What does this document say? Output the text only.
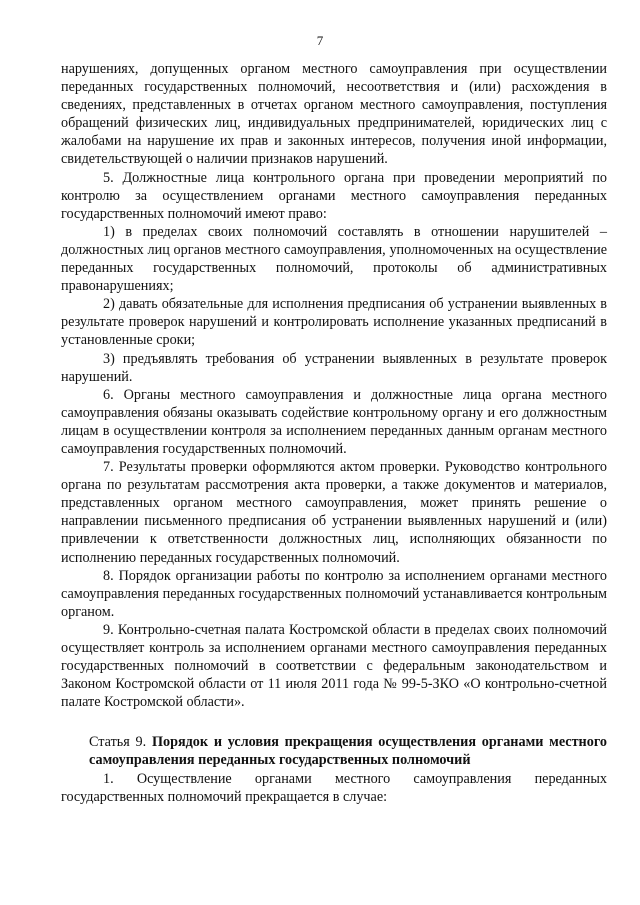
7

нарушениях, допущенных органом местного самоуправления при осуществлении переданных государственных полномочий, несоответствия и (или) расхождения в сведениях, представленных в отчетах органом местного самоуправления, поступления обращений физических лиц, индивидуальных предпринимателей, юридических лиц с жалобами на нарушение их прав и законных интересов, получения иной информации, свидетельствующей о наличии признаков нарушений.

5. Должностные лица контрольного органа при проведении мероприятий по контролю за осуществлением органами местного самоуправления переданных государственных полномочий имеют право:

1) в пределах своих полномочий составлять в отношении нарушителей – должностных лиц органов местного самоуправления, уполномоченных на осуществление переданных государственных полномочий, протоколы об административных правонарушениях;

2) давать обязательные для исполнения предписания об устранении выявленных в результате проверок нарушений и контролировать исполнение указанных предписаний в установленные сроки;

3) предъявлять требования об устранении выявленных в результате проверок нарушений.

6. Органы местного самоуправления и должностные лица органа местного самоуправления обязаны оказывать содействие контрольному органу и его должностным лицам в осуществлении контроля за исполнением переданных данным органам местного самоуправления государственных полномочий.

7. Результаты проверки оформляются актом проверки. Руководство контрольного органа по результатам рассмотрения акта проверки, а также документов и материалов, представленных органом местного самоуправления, может принять решение о направлении письменного предписания об устранении выявленных нарушений и (или) привлечении к ответственности должностных лиц, исполняющих обязанности по исполнению переданных государственных полномочий.

8. Порядок организации работы по контролю за исполнением органами местного самоуправления переданных государственных полномочий устанавливается контрольным органом.

9. Контрольно-счетная палата Костромской области в пределах своих полномочий осуществляет контроль за исполнением органами местного самоуправления переданных государственных полномочий в соответствии с федеральным законодательством и Законом Костромской области от 11 июля 2011 года № 99-5-ЗКО «О контрольно-счетной палате Костромской области».

Статья 9. Порядок и условия прекращения осуществления органами местного самоуправления переданных государственных полномочий

1. Осуществление органами местного самоуправления переданных государственных полномочий прекращается в случае:
